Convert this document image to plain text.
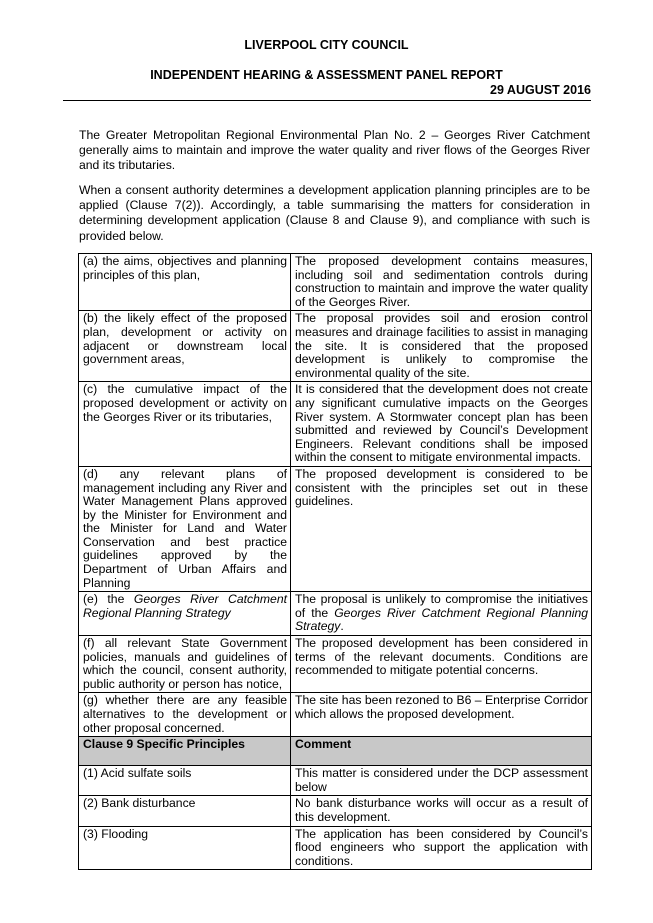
LIVERPOOL CITY COUNCIL
INDEPENDENT HEARING & ASSESSMENT PANEL REPORT
29 AUGUST 2016

The Greater Metropolitan Regional Environmental Plan No. 2 – Georges River Catchment generally aims to maintain and improve the water quality and river flows of the Georges River and its tributaries.

When a consent authority determines a development application planning principles are to be applied (Clause 7(2)). Accordingly, a table summarising the matters for consideration in determining development application (Clause 8 and Clause 9), and compliance with such is provided below.

(a) the aims, objectives and planning principles of this plan,	The proposed development contains measures, including soil and sedimentation controls during construction to maintain and improve the water quality of the Georges River.
(b) the likely effect of the proposed plan, development or activity on adjacent or downstream local government areas,	The proposal provides soil and erosion control measures and drainage facilities to assist in managing the site. It is considered that the proposed development is unlikely to compromise the environmental quality of the site.
(c) the cumulative impact of the proposed development or activity on the Georges River or its tributaries,	It is considered that the development does not create any significant cumulative impacts on the Georges River system. A Stormwater concept plan has been submitted and reviewed by Council’s Development Engineers. Relevant conditions shall be imposed within the consent to mitigate environmental impacts.
(d) any relevant plans of management including any River and Water Management Plans approved by the Minister for Environment and the Minister for Land and Water Conservation and best practice guidelines approved by the Department of Urban Affairs and Planning	The proposed development is considered to be consistent with the principles set out in these guidelines.
(e) the Georges River Catchment Regional Planning Strategy	The proposal is unlikely to compromise the initiatives of the Georges River Catchment Regional Planning Strategy.
(f) all relevant State Government policies, manuals and guidelines of which the council, consent authority, public authority or person has notice,	The proposed development has been considered in terms of the relevant documents. Conditions are recommended to mitigate potential concerns.
(g) whether there are any feasible alternatives to the development or other proposal concerned.	The site has been rezoned to B6 – Enterprise Corridor which allows the proposed development.
Clause 9 Specific Principles	Comment
(1) Acid sulfate soils	This matter is considered under the DCP assessment below
(2) Bank disturbance	No bank disturbance works will occur as a result of this development.
(3) Flooding	The application has been considered by Council’s flood engineers who support the application with conditions.
